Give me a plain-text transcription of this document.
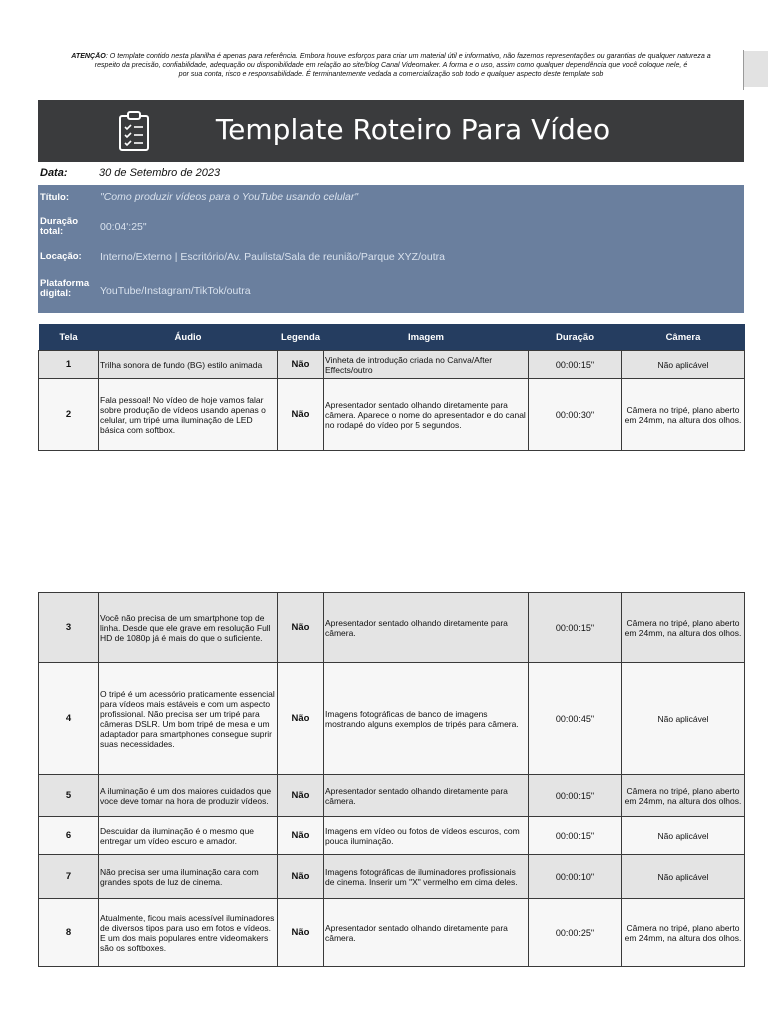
ATENÇÃO: O template contido nesta planilha é apenas para referência. Embora houve esforços para criar um material útil e informativo, não fazemos representações ou garantias de qualquer natureza a
respeito da precisão, confiabilidade, adequação ou disponibilidade em relação ao site/blog Canal Videomaker. A forma e o uso, assim como qualquer dependência que você coloque nele, é
por sua conta, risco e responsabilidade. É terminantemente vedada a comercialização sob todo e qualquer aspecto deste template sob
Template Roteiro Para Vídeo
Data:	30 de Setembro de 2023
Título:	"Como produzir vídeos para o YouTube usando celular"
Duração total:	00:04':25"
Locação:	Interno/Externo | Escritório/Av. Paulista/Sala de reunião/Parque XYZ/outra
Plataforma digital:	YouTube/Instagram/TikTok/outra
Tela	Áudio	Legenda	Imagem	Duração	Câmera
1	Trilha sonora de fundo (BG) estilo animada	Não	Vinheta de introdução criada no Canva/After Effects/outro	00:00:15"	Não aplicável
2	Fala pessoal! No vídeo de hoje vamos falar sobre produção de vídeos usando apenas o celular, um tripé uma iluminação de LED básica com softbox.	Não	Apresentador sentado olhando diretamente para câmera. Aparece o nome do apresentador e do canal no rodapé do vídeo por 5 segundos.	00:00:30"	Câmera no tripé, plano aberto em 24mm, na altura dos olhos.
3	Você não precisa de um smartphone top de linha. Desde que ele grave em resolução Full HD de 1080p já é mais do que o suficiente.	Não	Apresentador sentado olhando diretamente para câmera.	00:00:15"	Câmera no tripé, plano aberto em 24mm, na altura dos olhos.
4	O tripé é um acessório praticamente essencial para vídeos mais estáveis e com um aspecto profissional. Não precisa ser um tripé para câmeras DSLR. Um bom tripé de mesa e um adaptador para smartphones consegue suprir suas necessidades.	Não	Imagens fotográficas de banco de imagens mostrando alguns exemplos de tripés para câmera.	00:00:45"	Não aplicável
5	A iluminação é um dos maiores cuidados que voce deve tomar na hora de produzir vídeos.	Não	Apresentador sentado olhando diretamente para câmera.	00:00:15"	Câmera no tripé, plano aberto em 24mm, na altura dos olhos.
6	Descuidar da iluminação é o mesmo que entregar um vídeo escuro e amador.	Não	Imagens em vídeo ou fotos de vídeos escuros, com pouca iluminação.	00:00:15"	Não aplicável
7	Não precisa ser uma iluminação cara com grandes spots de luz de cinema.	Não	Imagens fotográficas de iluminadores profissionais de cinema. Inserir um "X" vermelho em cima deles.	00:00:10"	Não aplicável
8	Atualmente, ficou mais acessível iluminadores de diversos tipos para uso em fotos e vídeos. E um dos mais populares entre videomakers são os softboxes.	Não	Apresentador sentado olhando diretamente para câmera.	00:00:25"	Câmera no tripé, plano aberto em 24mm, na altura dos olhos.
